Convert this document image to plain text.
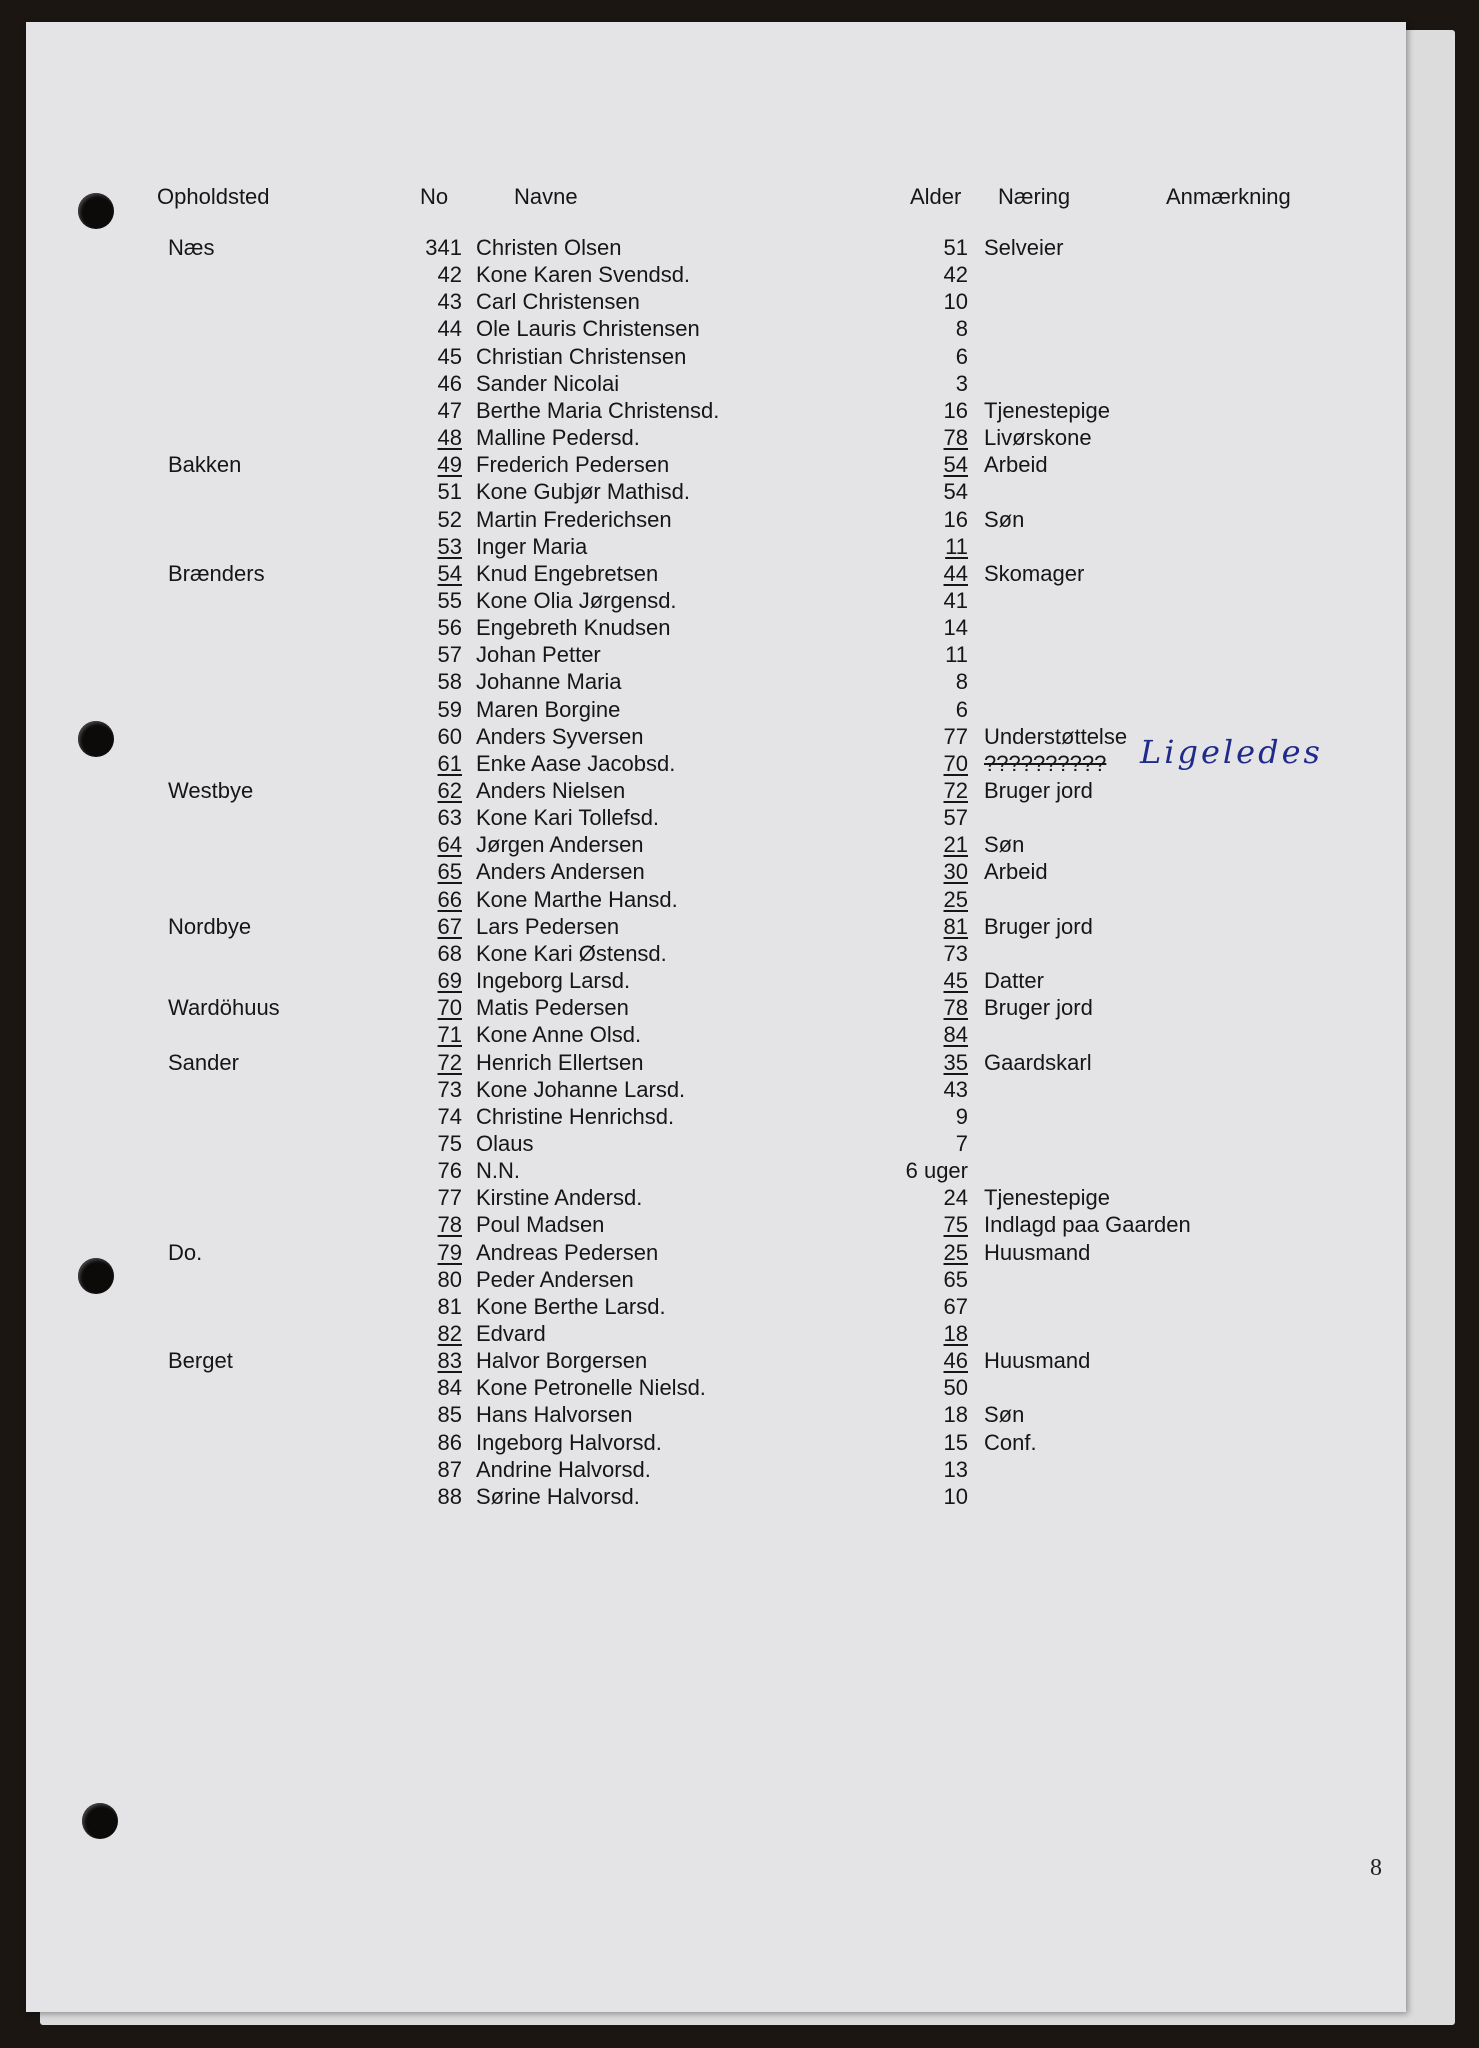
Opholdsted	No	Navne	Alder Næring	Anmærkning
Næs	341 Christen Olsen	51 Selveier
42 Kone Karen Svendsd.	42
43 Carl Christensen	10
44 Ole Lauris Christensen	8
45 Christian Christensen	6
46 Sander Nicolai	3
47 Berthe Maria Christensd.	16 Tjenestepige
48 Malline Pedersd.	78 Livørskone
Bakken	49 Frederich Pedersen	54 Arbeid
51 Kone Gubjør Mathisd.	54
52 Martin Frederichsen	16 Søn
53 Inger Maria	11
Brænders	54 Knud Engebretsen	44 Skomager
55 Kone Olia Jørgensd.	41
56 Engebreth Knudsen	14
57 Johan Petter	11
58 Johanne Maria	8
59 Maren Borgine	6
60 Anders Syversen	77 Understøttelse
61 Enke Aase Jacobsd.	70 ??????????
Westbye	62 Anders Nielsen	72 Bruger jord
63 Kone Kari Tollefsd.	57
64 Jørgen Andersen	21 Søn
65 Anders Andersen	30 Arbeid
66 Kone Marthe Hansd.	25
Nordbye	67 Lars Pedersen	81 Bruger jord
68 Kone Kari Østensd.	73
69 Ingeborg Larsd.	45 Datter
Wardöhuus	70 Matis Pedersen	78 Bruger jord
71 Kone Anne Olsd.	84
Sander	72 Henrich Ellertsen	35 Gaardskarl
73 Kone Johanne Larsd.	43
74 Christine Henrichsd.	9
75 Olaus	7
76 N.N.	6 uger
77 Kirstine Andersd.	24 Tjenestepige
78 Poul Madsen	75 Indlagd paa Gaarden
Do.	79 Andreas Pedersen	25 Huusmand
80 Peder Andersen	65
81 Kone Berthe Larsd.	67
82 Edvard	18
Berget	83 Halvor Borgersen	46 Huusmand
84 Kone Petronelle Nielsd.	50
85 Hans Halvorsen	18 Søn
86 Ingeborg Halvorsd.	15 Conf.
87 Andrine Halvorsd.	13
88 Sørine Halvorsd.	10
Ligeledes
8
